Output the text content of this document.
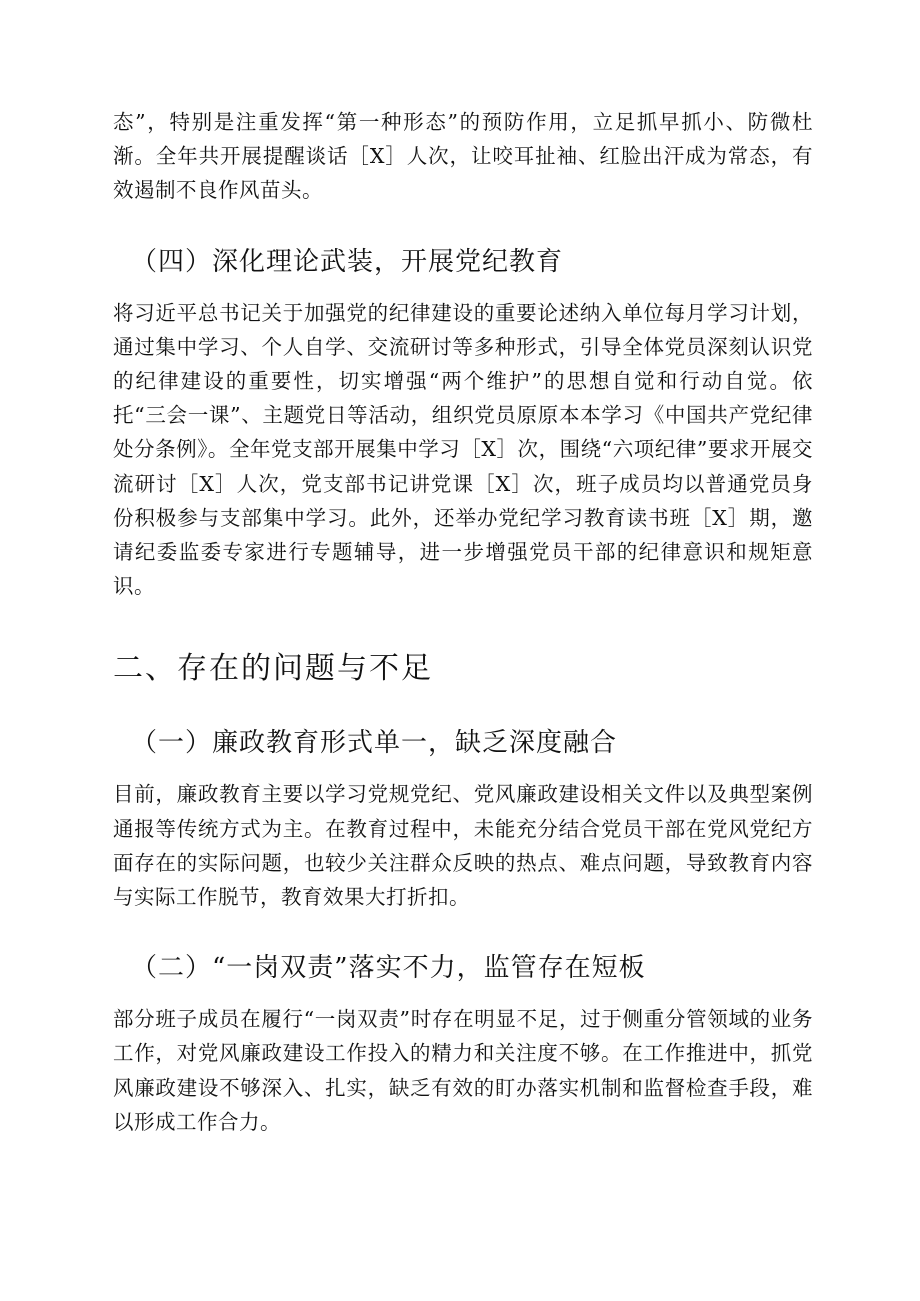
态”，特别是注重发挥“第一种形态”的预防作用，立足抓早抓小、防微杜渐。全年共开展提醒谈话［X］人次，让咬耳扯袖、红脸出汗成为常态，有效遏制不良作风苗头。

（四）深化理论武装，开展党纪教育

将习近平总书记关于加强党的纪律建设的重要论述纳入单位每月学习计划，通过集中学习、个人自学、交流研讨等多种形式，引导全体党员深刻认识党的纪律建设的重要性，切实增强“两个维护”的思想自觉和行动自觉。依托“三会一课”、主题党日等活动，组织党员原原本本学习《中国共产党纪律处分条例》。全年党支部开展集中学习［X］次，围绕“六项纪律”要求开展交流研讨［X］人次，党支部书记讲党课［X］次，班子成员均以普通党员身份积极参与支部集中学习。此外，还举办党纪学习教育读书班［X］期，邀请纪委监委专家进行专题辅导，进一步增强党员干部的纪律意识和规矩意识。

二、存在的问题与不足
（一）廉政教育形式单一，缺乏深度融合

目前，廉政教育主要以学习党规党纪、党风廉政建设相关文件以及典型案例通报等传统方式为主。在教育过程中，未能充分结合党员干部在党风党纪方面存在的实际问题，也较少关注群众反映的热点、难点问题，导致教育内容与实际工作脱节，教育效果大打折扣。

（二）“一岗双责”落实不力，监管存在短板

部分班子成员在履行“一岗双责”时存在明显不足，过于侧重分管领域的业务工作，对党风廉政建设工作投入的精力和关注度不够。在工作推进中，抓党风廉政建设不够深入、扎实，缺乏有效的盯办落实机制和监督检查手段，难以形成工作合力。
